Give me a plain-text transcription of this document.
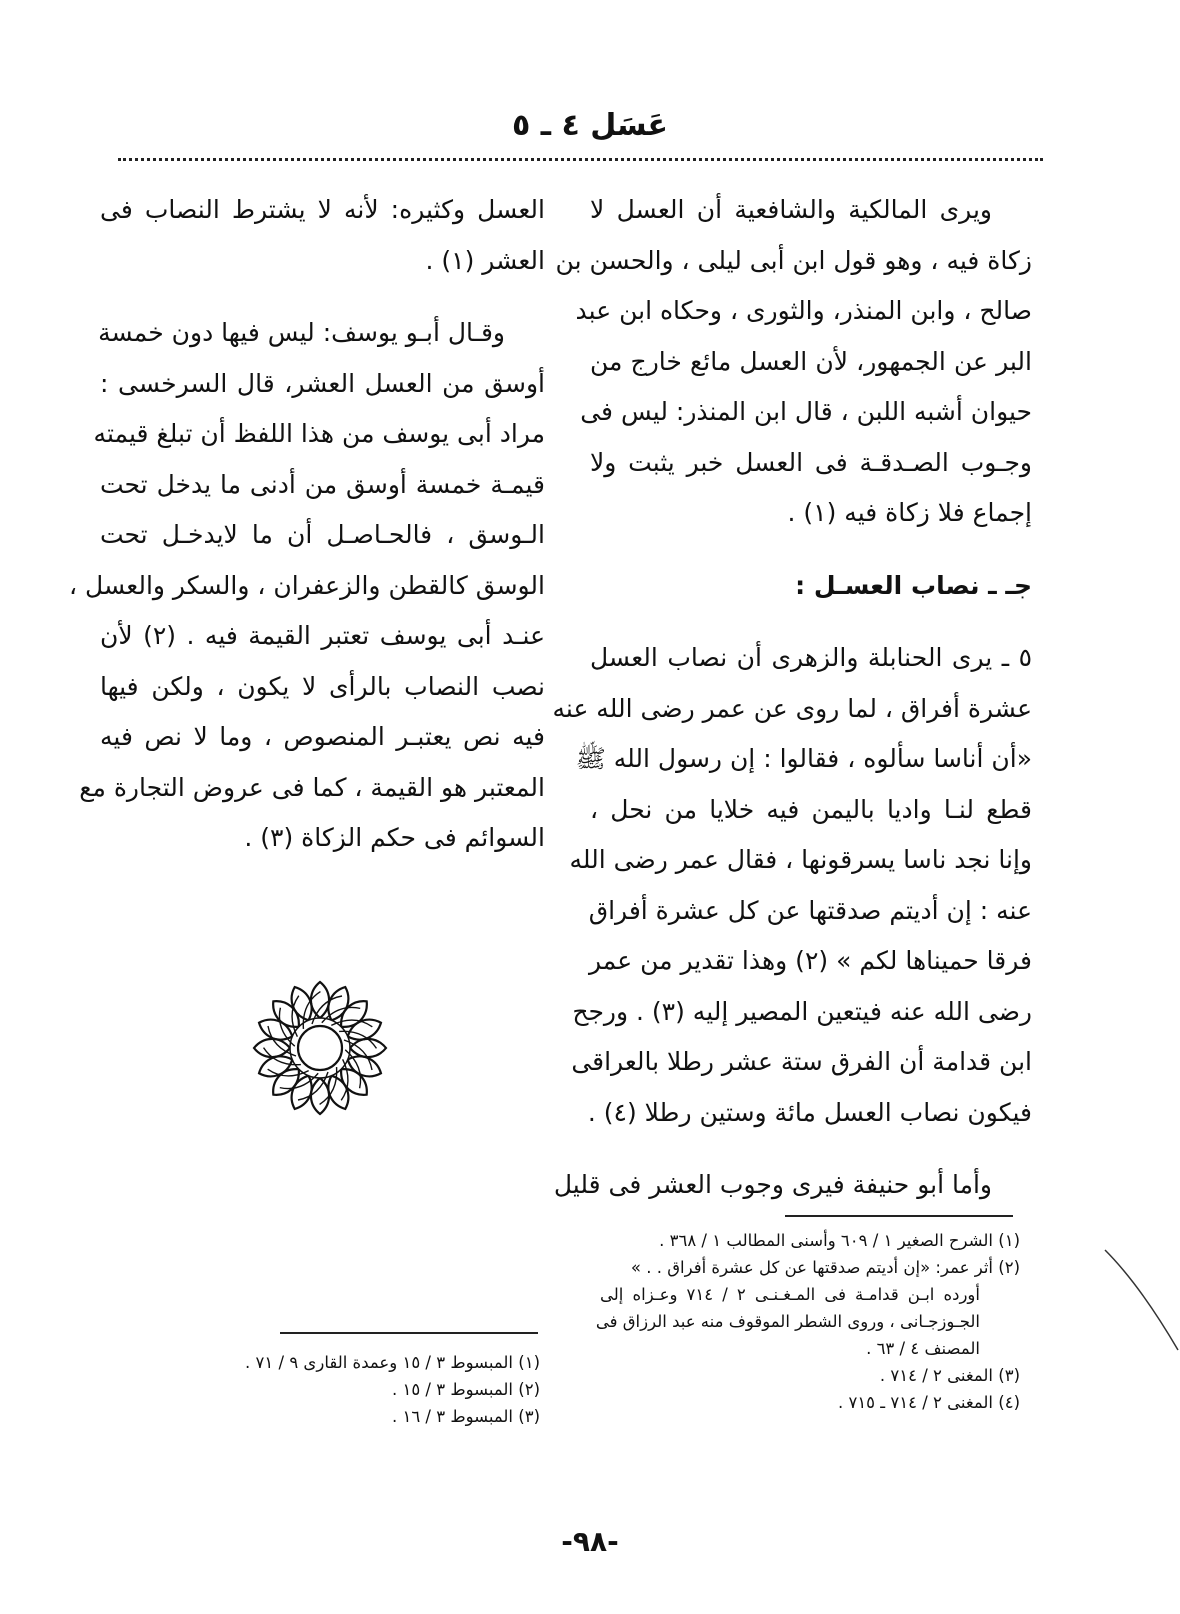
عَسَل ٤ ـ ٥
ويرى المالكية والشافعية أن العسل لا
زكاة فيه ، وهو قول ابن أبى ليلى ، والحسن بن
صالح ، وابن المنذر، والثورى ، وحكاه ابن عبد
البر عن الجمهور، لأن العسل مائع خارج من
حيوان أشبه اللبن ، قال ابن المنذر: ليس فى
وجـوب الصـدقـة فى العسل خبر يثبت ولا
إجماع فلا زكاة فيه (١) .
جـ ـ نصاب العسـل :
٥ ـ يرى الحنابلة والزهرى أن نصاب العسل
عشرة أفراق ، لما روى عن عمر رضى الله عنه
«أن أناسا سألوه ، فقالوا : إن رسول الله ﷺ
قطع لنـا واديا باليمن فيه خلايا من نحل ،
وإنا نجد ناسا يسرقونها ، فقال عمر رضى الله
عنه : إن أديتم صدقتها عن كل عشرة أفراق
فرقا حميناها لكم » (٢) وهذا تقدير من عمر
رضى الله عنه فيتعين المصير إليه (٣) . ورجح
ابن قدامة أن الفرق ستة عشر رطلا بالعراقى
فيكون نصاب العسل مائة وستين رطلا (٤) .
وأما أبو حنيفة فيرى وجوب العشر فى قليل
العسل وكثيره: لأنه لا يشترط النصاب فى
العشر (١) .
وقـال أبـو يوسف: ليس فيها دون خمسة
أوسق من العسل العشر، قال السرخسى :
مراد أبى يوسف من هذا اللفظ أن تبلغ قيمته
قيمـة خمسة أوسق من أدنى ما يدخل تحت
الـوسق ، فالحـاصـل أن ما لايدخـل تحت
الوسق كالقطن والزعفران ، والسكر والعسل ،
عنـد أبى يوسف تعتبر القيمة فيه . (٢) لأن
نصب النصاب بالرأى لا يكون ، ولكن فيها
فيه نص يعتبـر المنصوص ، وما لا نص فيه
المعتبر هو القيمة ، كما فى عروض التجارة مع
السوائم فى حكم الزكاة (٣) .
(١) الشرح الصغير ١ / ٦٠٩ وأسنى المطالب ١ / ٣٦٨ .
(٢) أثر عمر: «إن أديتم صدقتها عن كل عشرة أفراق . . »
أورده ابـن قدامـة فى المـغـنـى ٢ / ٧١٤ وعـزاه إلى
الجـوزجـانى ، وروى الشطر الموقوف منه عبد الرزاق فى
المصنف ٤ / ٦٣ .
(٣) المغنى ٢ / ٧١٤ .
(٤) المغنى ٢ / ٧١٤ ـ ٧١٥ .
(١) المبسوط ٣ / ١٥ وعمدة القارى ٩ / ٧١ .
(٢) المبسوط ٣ / ١٥ .
(٣) المبسوط ٣ / ١٦ .
-٩٨-
